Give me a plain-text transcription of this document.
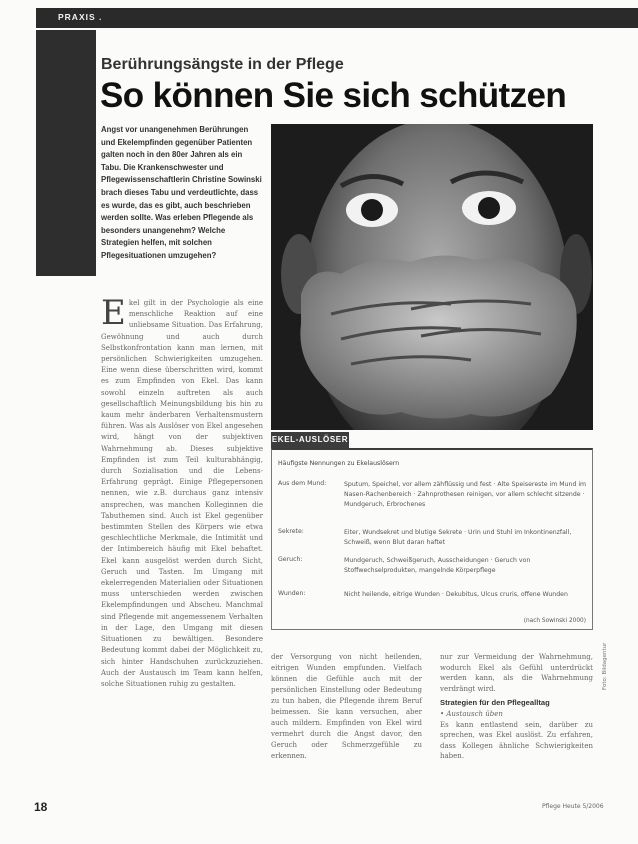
PRAXIS .
Berührungsängste in der Pflege
So können Sie sich schützen
Angst vor unangenehmen Berührungen und Ekelempfinden gegenüber Patienten galten noch in den 80er Jahren als ein Tabu. Die Krankenschwester und Pflegewissenschaftlerin Christine Sowinski brach dieses Tabu und verdeutlichte, dass es wurde, das es gibt, auch beschrieben werden sollte. Was erleben Pflegende als besonders unangenehm? Welche Strategien helfen, mit solchen Pflegesituationen umzugehen?
EKEL-AUSLÖSER
Häufigste Nennungen zu Ekelauslösern
Aus dem Mund:	Sputum, Speichel, vor allem zähflüssig und fest · Alte Speisereste im Mund im Nasen-Rachenbereich · Zahnprothesen reinigen, vor allem schlecht sitzende · Mundgeruch, Erbrochenes
Sekrete:	Eiter, Wundsekret und blutige Sekrete · Urin und Stuhl im Inkontinenzfall, Schweiß, wenn Blut daran haftet
Geruch:	Mundgeruch, Schweißgeruch, Ausscheidungen · Geruch von Stoffwechselprodukten, mangelnde Körperpflege
Wunden:	Nicht heilende, eitrige Wunden · Dekubitus, Ulcus cruris, offene Wunden
(nach Sowinski 2000)
E kel gilt in der Psychologie als eine menschliche Reaktion auf eine unliebsame Situation. Das Erfahrung, Gewöhnung und auch durch Selbstkonfrontation kann man lernen, mit persönlichen Schwierigkeiten umzugehen. Eine wenn diese überschritten wird, kommt es zum Empfinden von Ekel. Das kann sowohl einzeln auftreten als auch gesellschaftlich Meinungsbildung bis hin zu kaum mehr änderbaren Verhaltensmustern führen. Was als Auslöser von Ekel angesehen wird, hängt von der subjektiven Wahrnehmung ab. Dieses subjektive Empfinden ist zum Teil kulturabhängig, durch Sozialisation und die Lebens-Erfahrung geprägt. Einige Pflegepersonen nennen, wie z.B. durchaus ganz intensiv ansprechen, was manchen Kolleginnen die Tabuthemen sind. Auch ist Ekel gegenüber bestimmten Stellen des Körpers wie etwa geschlechtliche Merkmale, die Intimität und der Intimbereich häufig mit Ekel behaftet. Ekel kann ausgelöst werden durch Sicht, Geruch und Tasten. Im Umgang mit ekelerregenden Materialien oder Situationen muss unterschieden werden zwischen Ekelempfindungen und Abscheu. Manchmal sind Pflegende mit angemessenem Verhalten in der Lage, den Umgang mit diesen Situationen zu bewältigen. Besondere Bedeutung kommt dabei der Möglichkeit zu, sich hinter Handschuhen zurückzuziehen. Auch der Austausch im Team kann helfen, solche Situationen ruhig zu gestalten.
der Versorgung von nicht heilenden, eitrigen Wunden empfunden. Vielfach können die Gefühle auch mit der persönlichen Einstellung oder Bedeutung zu tun haben, die Pflegende ihrem Beruf beimessen. Sie kann versuchen, aber auch mildern. Empfinden von Ekel wird vermehrt durch die Angst davor, den Geruch oder Schmerzgefühle zu erkennen.

nur zur Vermeidung der Wahrnehmung, wodurch Ekel als Gefühl unterdrückt werden kann, als die Wahrnehmung verdrängt wird.

Strategien für den Pflegealltag

• Austausch üben

Es kann entlastend sein, darüber zu sprechen, was Ekel auslöst. Zu erfahren, dass Kollegen ähnliche Schwierigkeiten haben.

Foto: Bildagentur
18	Pflege Heute 5/2006
